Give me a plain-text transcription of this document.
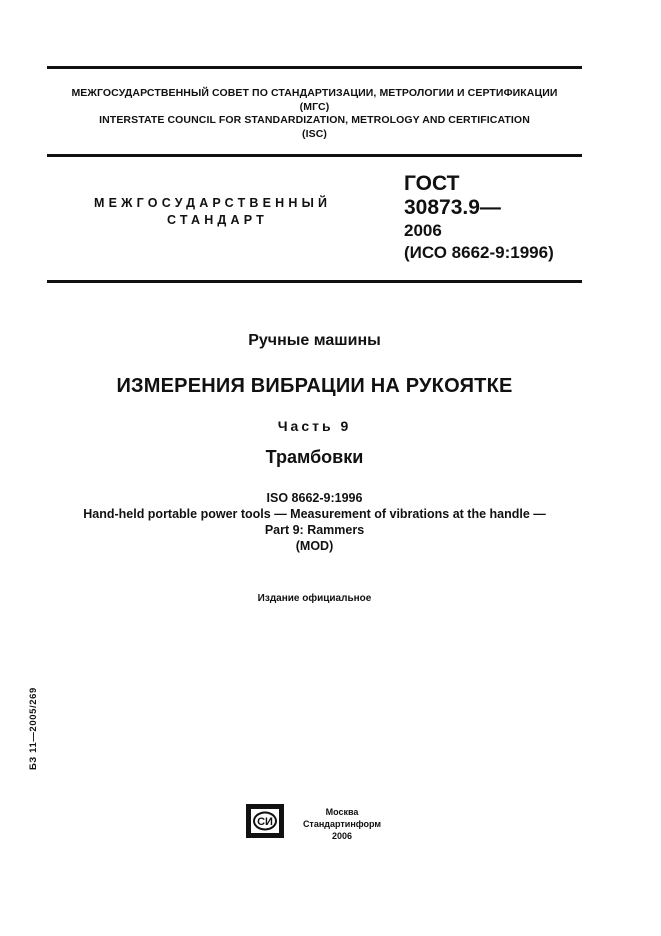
МЕЖГОСУДАРСТВЕННЫЙ СОВЕТ ПО СТАНДАРТИЗАЦИИ, МЕТРОЛОГИИ И СЕРТИФИКАЦИИ
(МГС)
INTERSTATE COUNCIL FOR STANDARDIZATION, METROLOGY AND CERTIFICATION
(ISC)
МЕЖГОСУДАРСТВЕННЫЙ
СТАНДАРТ
ГОСТ
30873.9—
2006
(ИСО 8662-9:1996)
Ручные машины
ИЗМЕРЕНИЯ ВИБРАЦИИ НА РУКОЯТКЕ
Часть 9
Трамбовки
ISO 8662-9:1996
Hand-held portable power tools — Measurement of vibrations at the handle —
Part 9: Rammers
(MOD)
Издание официальное
БЗ 11—2005/269
СИ
Москва
Стандартинформ
2006
